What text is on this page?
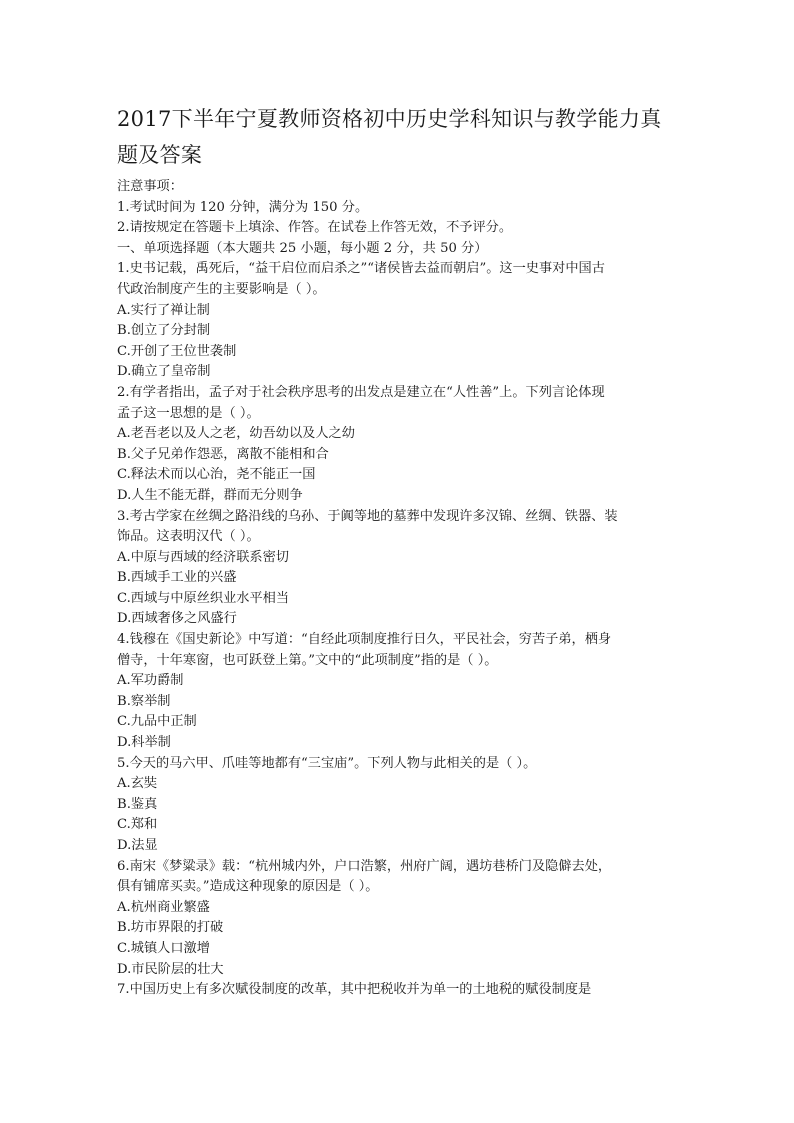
2017下半年宁夏教师资格初中历史学科知识与教学能力真
题及答案
注意事项：
1.考试时间为 120 分钟，满分为 150 分。
2.请按规定在答题卡上填涂、作答。在试卷上作答无效，不予评分。
一、单项选择题（本大题共 25 小题，每小题 2 分，共 50 分）
1.史书记载，禹死后，“益干启位而启杀之”“诸侯皆去益而朝启”。这一史事对中国古
代政治制度产生的主要影响是（ ）。
A.实行了禅让制
B.创立了分封制
C.开创了王位世袭制
D.确立了皇帝制
2.有学者指出，孟子对于社会秩序思考的出发点是建立在“人性善”上。下列言论体现
孟子这一思想的是（ ）。
A.老吾老以及人之老，幼吾幼以及人之幼
B.父子兄弟作怨恶，离散不能相和合
C.释法术而以心治，尧不能正一国
D.人生不能无群，群而无分则争
3.考古学家在丝绸之路沿线的乌孙、于阗等地的墓葬中发现许多汉锦、丝绸、铁器、装
饰品。这表明汉代（ ）。
A.中原与西域的经济联系密切
B.西域手工业的兴盛
C.西域与中原丝织业水平相当
D.西域奢侈之风盛行
4.钱穆在《国史新论》中写道：“自经此项制度推行日久，平民社会，穷苦子弟，栖身
僧寺，十年寒窗，也可跃登上第。”文中的“此项制度”指的是（ ）。
A.军功爵制
B.察举制
C.九品中正制
D.科举制
5.今天的马六甲、爪哇等地都有“三宝庙”。下列人物与此相关的是（ ）。
A.玄奘
B.鉴真
C.郑和
D.法显
6.南宋《梦粱录》载：“杭州城内外，户口浩繁，州府广阔，遇坊巷桥门及隐僻去处，
俱有铺席买卖。”造成这种现象的原因是（ ）。
A.杭州商业繁盛
B.坊市界限的打破
C.城镇人口激增
D.市民阶层的壮大
7.中国历史上有多次赋役制度的改革，其中把税收并为单一的土地税的赋役制度是
